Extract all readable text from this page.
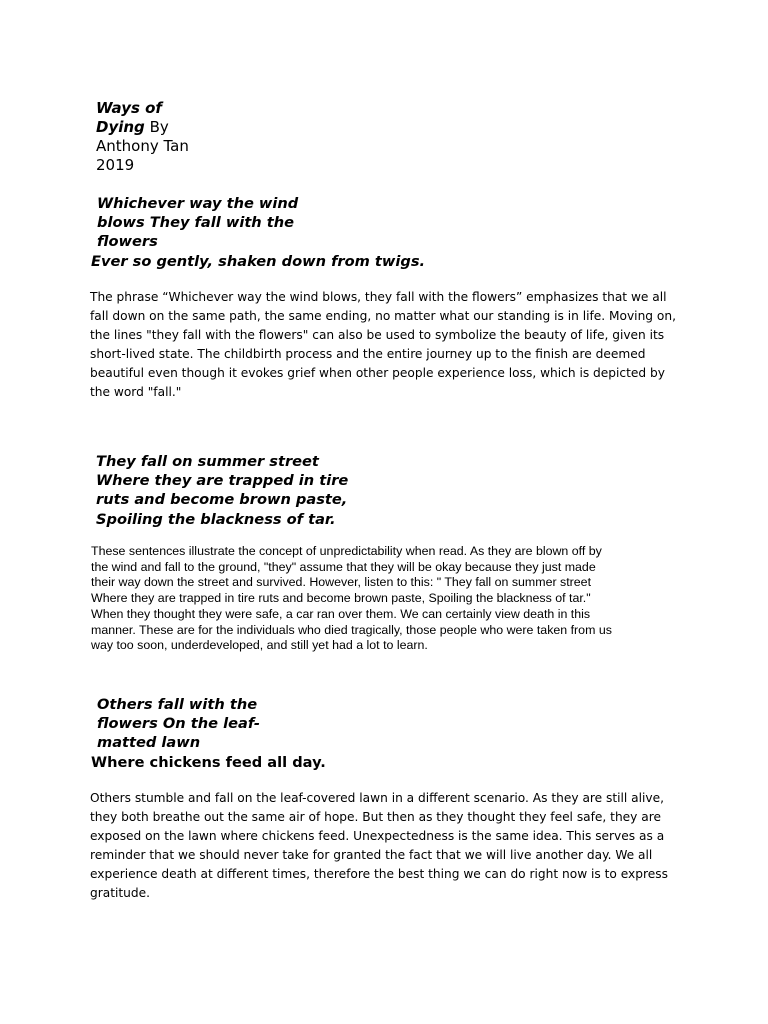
Ways of
Dying By
Anthony Tan
2019
Whichever way the wind
blows They fall with the
flowers
Ever so gently, shaken down from twigs.
The phrase “Whichever way the wind blows, they fall with the flowers” emphasizes that we all
fall down on the same path, the same ending, no matter what our standing is in life. Moving on,
the lines "they fall with the flowers" can also be used to symbolize the beauty of life, given its
short-lived state. The childbirth process and the entire journey up to the finish are deemed
beautiful even though it evokes grief when other people experience loss, which is depicted by
the word "fall."
They fall on summer street
Where they are trapped in tire
ruts and become brown paste,
Spoiling the blackness of tar.
These sentences illustrate the concept of unpredictability when read. As they are blown off by
the wind and fall to the ground, "they" assume that they will be okay because they just made
their way down the street and survived. However, listen to this: " They fall on summer street
Where they are trapped in tire ruts and become brown paste, Spoiling the blackness of tar."
When they thought they were safe, a car ran over them. We can certainly view death in this
manner. These are for the individuals who died tragically, those people who were taken from us
way too soon, underdeveloped, and still yet had a lot to learn.
Others fall with the
flowers On the leaf-
matted lawn
Where chickens feed all day.
Others stumble and fall on the leaf-covered lawn in a different scenario. As they are still alive,
they both breathe out the same air of hope. But then as they thought they feel safe, they are
exposed on the lawn where chickens feed. Unexpectedness is the same idea. This serves as a
reminder that we should never take for granted the fact that we will live another day. We all
experience death at different times, therefore the best thing we can do right now is to express
gratitude.
